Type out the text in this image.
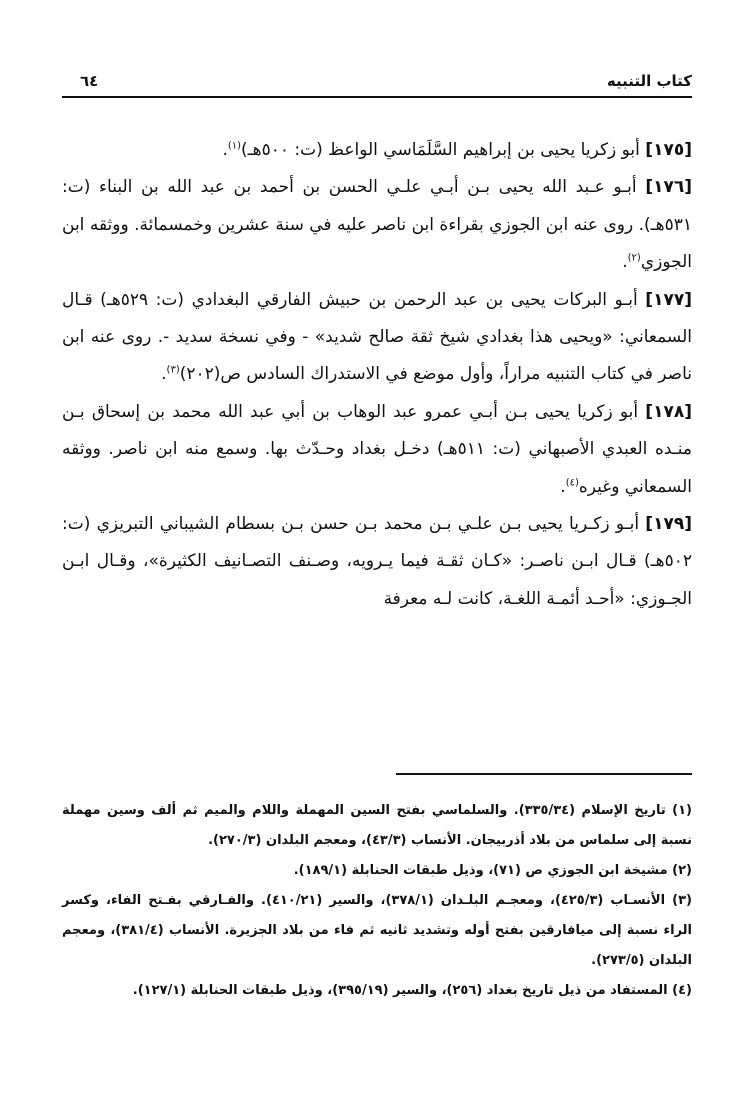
كتاب التنبيه
٦٤

[١٧٥] أبو زكريا يحيى بن إبراهيم السَّلَمَاسي الواعظ (ت: ٥٠٠هـ)$^{(١)}$.

[١٧٦] أبـو عـبد الله يحيى بـن أبـي علـي الحسن بن أحمد بن عبد الله بن البناء (ت: ٥٣١هـ). روى عنه ابن الجوزي بقراءة ابن ناصر عليه في سنة عشرين وخمسمائة. ووثقه ابن الجوزي$^{(٢)}$.

[١٧٧] أبـو البركات يحيى بن عبد الرحمن بن حبيش الفارقي البغدادي (ت: ٥٢٩هـ) قـال السمعاني: «ويحيى هذا بغدادي شيخ ثقة صالح شديد» - وفي نسخة سديد -. روى عنه ابن ناصر في كتاب التنبيه مراراً، وأول موضع في الاستدراك السادس ص(٢٠٢)$^{(٣)}$.

[١٧٨] أبو زكريا يحيى بـن أبـي عمرو عبد الوهاب بن أبي عبد الله محمد بن إسحاق بـن منـده العبدي الأصبهاني (ت: ٥١١هـ) دخـل بغداد وحـدّث بها. وسمع منه ابن ناصر. ووثقه السمعاني وغيره$^{(٤)}$.

[١٧٩] أبـو زكـريا يحيى بـن علـي بـن محمد بـن حسن بـن بسطام الشيباني التبريزي (ت: ٥٠٢هـ) قـال ابـن ناصـر: «كـان ثقـة فيما يـرويه، وصـنف التصـانيف الكثيرة»، وقـال ابـن الجـوزي: «أحـد أئمـة اللغـة، كانت لـه معرفة

(١) تاريخ الإسلام (٣٣٥/٣٤). والسلماسي بفتح السين المهملة واللام والميم ثم ألف وسين مهملة نسبة إلى سلماس من بلاد أذربيجان. الأنساب (٤٣/٣)، ومعجم البلدان (٢٧٠/٣).

(٢) مشيخة ابن الجوزي ص (٧١)، وذيل طبقات الحنابلة (١٨٩/١).

(٣) الأنسـاب (٤٢٥/٣)، ومعجـم البلـدان (٣٧٨/١)، والسير (٤١٠/٢١). والفـارقي بفـتح الفاء، وكسر الراء نسبة إلى ميافارقين بفتح أوله وتشديد ثانيه ثم فاء من بلاد الجزيرة. الأنساب (٣٨١/٤)، ومعجم البلدان (٢٧٣/٥).

(٤) المستفاد من ذيل تاريخ بغداد (٢٥٦)، والسير (٣٩٥/١٩)، وذيل طبقات الحنابلة (١٢٧/١).
